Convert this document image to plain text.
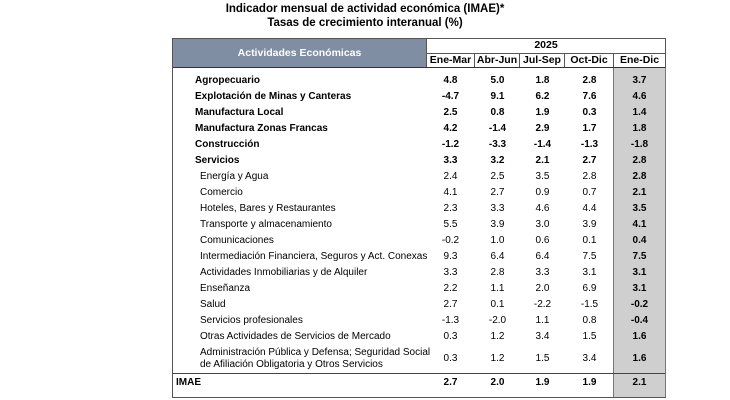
Indicador mensual de actividad económica (IMAE)*
Tasas de crecimiento interanual (%)
Actividades Económicas
2025
Ene-Mar Abr-Jun Jul-Sep Oct-Dic	Ene-Dic
Agropecuario	4.8	5.0	1.8	2.8	3.7
Explotación de Minas y Canteras	-4.7	9.1	6.2	7.6	4.6
Manufactura Local	2.5	0.8	1.9	0.3	1.4
Manufactura Zonas Francas	4.2	-1.4	2.9	1.7	1.8
Construcción	-1.2	-3.3	-1.4	-1.3	-1.8
Servicios	3.3	3.2	2.1	2.7	2.8
Energía y Agua	2.4	2.5	3.5	2.8	2.8
Comercio	4.1	2.7	0.9	0.7	2.1
Hoteles, Bares y Restaurantes	2.3	3.3	4.6	4.4	3.5
Transporte y almacenamiento	5.5	3.9	3.0	3.9	4.1
Comunicaciones	-0.2	1.0	0.6	0.1	0.4
Intermediación Financiera, Seguros y Act. Conexas	9.3	6.4	6.4	7.5	7.5
Actividades Inmobiliarias y de Alquiler	3.3	2.8	3.3	3.1	3.1
Enseñanza	2.2	1.1	2.0	6.9	3.1
Salud	2.7	0.1	-2.2	-1.5	-0.2
Servicios profesionales	-1.3	-2.0	1.1	0.8	-0.4
Otras Actividades de Servicios de Mercado	0.3	1.2	3.4	1.5	1.6
Administración Pública y Defensa; Seguridad Social
de Afiliación Obligatoria y Otros Servicios
0.3	1.2	1.5	3.4	1.6
IMAE	2.7	2.0	1.9	1.9	2.1
